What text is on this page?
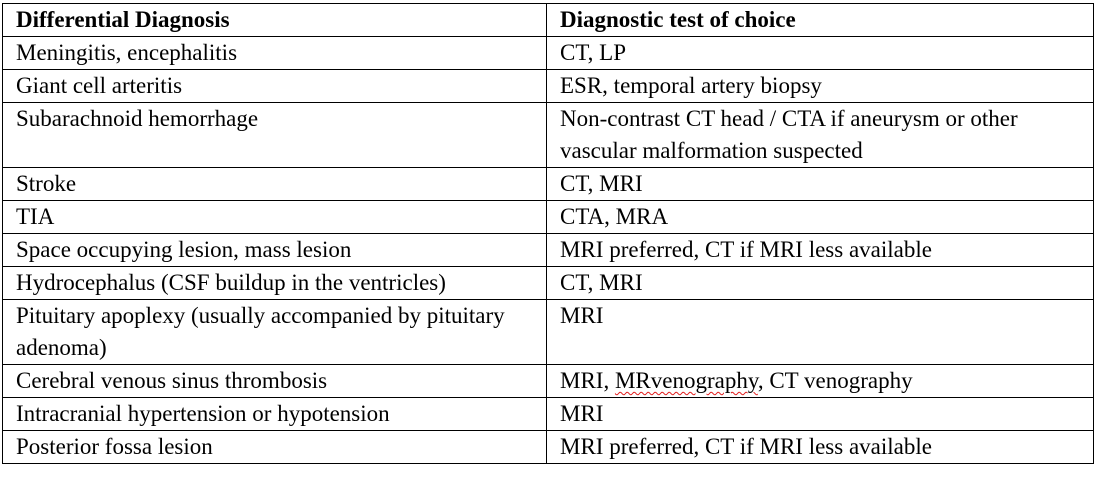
Differential Diagnosis	Diagnostic test of choice
Meningitis, encephalitis	CT, LP
Giant cell arteritis	ESR, temporal artery biopsy
Subarachnoid hemorrhage	Non-contrast CT head / CTA if aneurysm or other vascular malformation suspected
Stroke	CT, MRI
TIA	CTA, MRA
Space occupying lesion, mass lesion	MRI preferred, CT if MRI less available
Hydrocephalus (CSF buildup in the ventricles)	CT, MRI
Pituitary apoplexy (usually accompanied by pituitary adenoma)	MRI
Cerebral venous sinus thrombosis	MRI, MRvenography, CT venography
Intracranial hypertension or hypotension	MRI
Posterior fossa lesion	MRI preferred, CT if MRI less available
